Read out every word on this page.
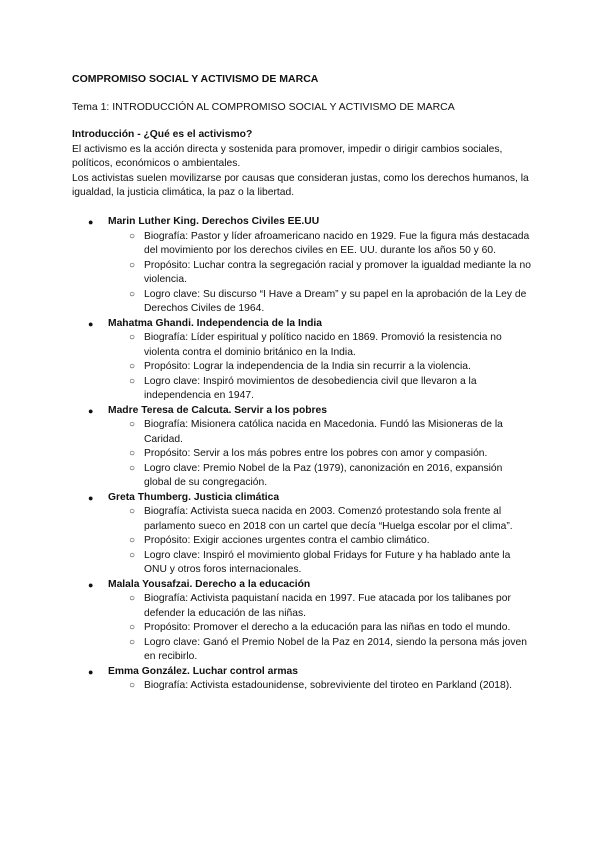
COMPROMISO SOCIAL Y ACTIVISMO DE MARCA

Tema 1: INTRODUCCIÓN AL COMPROMISO SOCIAL Y ACTIVISMO DE MARCA

Introducción - ¿Qué es el activismo?

El activismo es la acción directa y sostenida para promover, impedir o dirigir cambios sociales, políticos, económicos o ambientales.

Los activistas suelen movilizarse por causas que consideran justas, como los derechos humanos, la igualdad, la justicia climática, la paz o la libertad.

● Marin Luther King. Derechos Civiles EE.UU
○ Biografía: Pastor y líder afroamericano nacido en 1929. Fue la figura más destacada del movimiento por los derechos civiles en EE. UU. durante los años 50 y 60.
○ Propósito: Luchar contra la segregación racial y promover la igualdad mediante la no violencia.
○ Logro clave: Su discurso “I Have a Dream” y su papel en la aprobación de la Ley de Derechos Civiles de 1964.
● Mahatma Ghandi. Independencia de la India
○ Biografía: Líder espiritual y político nacido en 1869. Promovió la resistencia no violenta contra el dominio británico en la India.
○ Propósito: Lograr la independencia de la India sin recurrir a la violencia.
○ Logro clave: Inspiró movimientos de desobediencia civil que llevaron a la independencia en 1947.
● Madre Teresa de Calcuta. Servir a los pobres
○ Biografía: Misionera católica nacida en Macedonia. Fundó las Misioneras de la Caridad.
○ Propósito: Servir a los más pobres entre los pobres con amor y compasión.
○ Logro clave: Premio Nobel de la Paz (1979), canonización en 2016, expansión global de su congregación.
● Greta Thumberg. Justicia climática
○ Biografía: Activista sueca nacida en 2003. Comenzó protestando sola frente al parlamento sueco en 2018 con un cartel que decía “Huelga escolar por el clima”.
○ Propósito: Exigir acciones urgentes contra el cambio climático.
○ Logro clave: Inspiró el movimiento global Fridays for Future y ha hablado ante la ONU y otros foros internacionales.
● Malala Yousafzai. Derecho a la educación
○ Biografía: Activista paquistaní nacida en 1997. Fue atacada por los talibanes por defender la educación de las niñas.
○ Propósito: Promover el derecho a la educación para las niñas en todo el mundo.
○ Logro clave: Ganó el Premio Nobel de la Paz en 2014, siendo la persona más joven en recibirlo.
● Emma González. Luchar control armas
○ Biografía: Activista estadounidense, sobreviviente del tiroteo en Parkland (2018).
